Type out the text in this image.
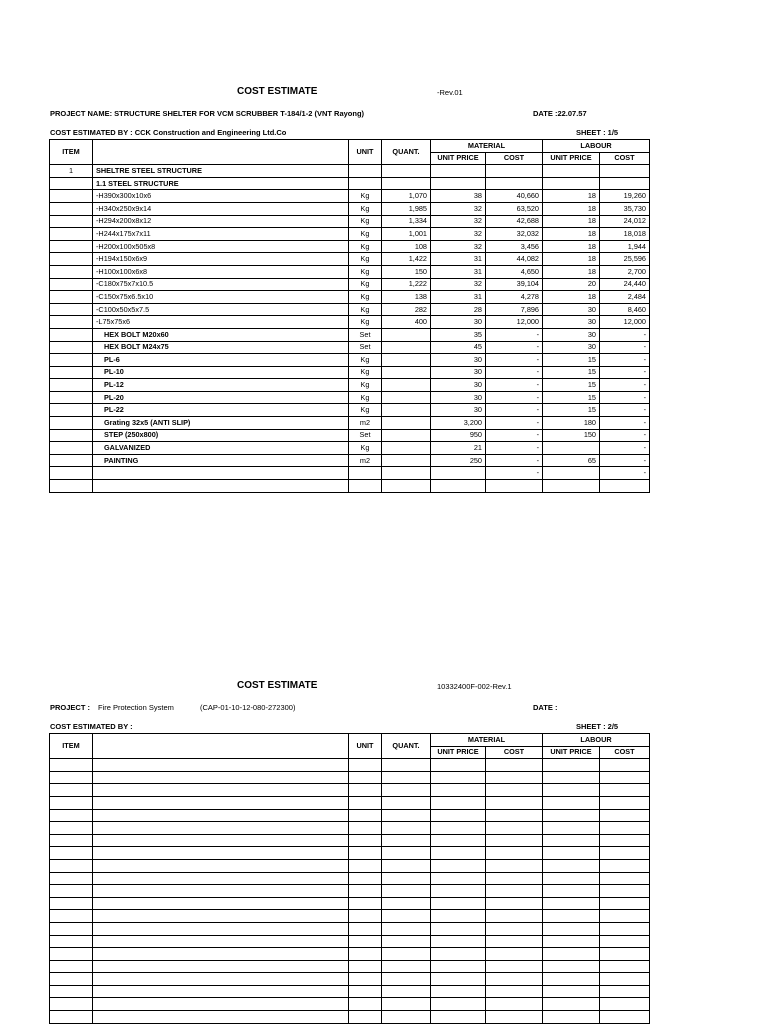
COST ESTIMATE	-Rev.01
PROJECT NAME: STRUCTURE SHELTER FOR VCM SCRUBBER T-184/1-2 (VNT Rayong)	DATE :22.07.57
COST ESTIMATED BY : CCK Construction and Engineering Ltd.Co	SHEET : 1/5
ITEM		UNIT	QUANT.	MATERIAL		LABOUR	
				UNIT PRICE	COST	UNIT PRICE	COST
1	SHELTRE STEEL STRUCTURE						
	1.1 STEEL STRUCTURE						
	-H390x300x10x6	Kg	1,070	38	40,660	18	19,260
	-H340x250x9x14	Kg	1,985	32	63,520	18	35,730
	-H294x200x8x12	Kg	1,334	32	42,688	18	24,012
	-H244x175x7x11	Kg	1,001	32	32,032	18	18,018
	-H200x100x505x8	Kg	108	32	3,456	18	1,944
	-H194x150x6x9	Kg	1,422	31	44,082	18	25,596
	-H100x100x6x8	Kg	150	31	4,650	18	2,700
	-C180x75x7x10.5	Kg	1,222	32	39,104	20	24,440
	-C150x75x6.5x10	Kg	138	31	4,278	18	2,484
	-C100x50x5x7.5	Kg	282	28	7,896	30	8,460
	-L75x75x6	Kg	400	30	12,000	30	12,000
	HEX BOLT M20x60	Set		35	-	30	-
	HEX BOLT M24x75	Set		45	-	30	-
	PL-6	Kg		30	-	15	-
	PL-10	Kg		30	-	15	-
	PL-12	Kg		30	-	15	-
	PL-20	Kg		30	-	15	-
	PL-22	Kg		30	-	15	-
	Grating 32x5 (ANTI SLIP)	m2		3,200	-	180	-
	STEP (250x800)	Set		950	-	150	-
	GALVANIZED	Kg		21	-		-
	PAINTING	m2		250	-	65	-
					-		-

COST ESTIMATE	10332400F-002-Rev.1
PROJECT : Fire Protection System	(CAP-01-10-12-080-272300)	DATE :
COST ESTIMATED BY :	SHEET : 2/5
ITEM		UNIT	QUANT.	MATERIAL		LABOUR	
				UNIT PRICE	COST	UNIT PRICE	COST
